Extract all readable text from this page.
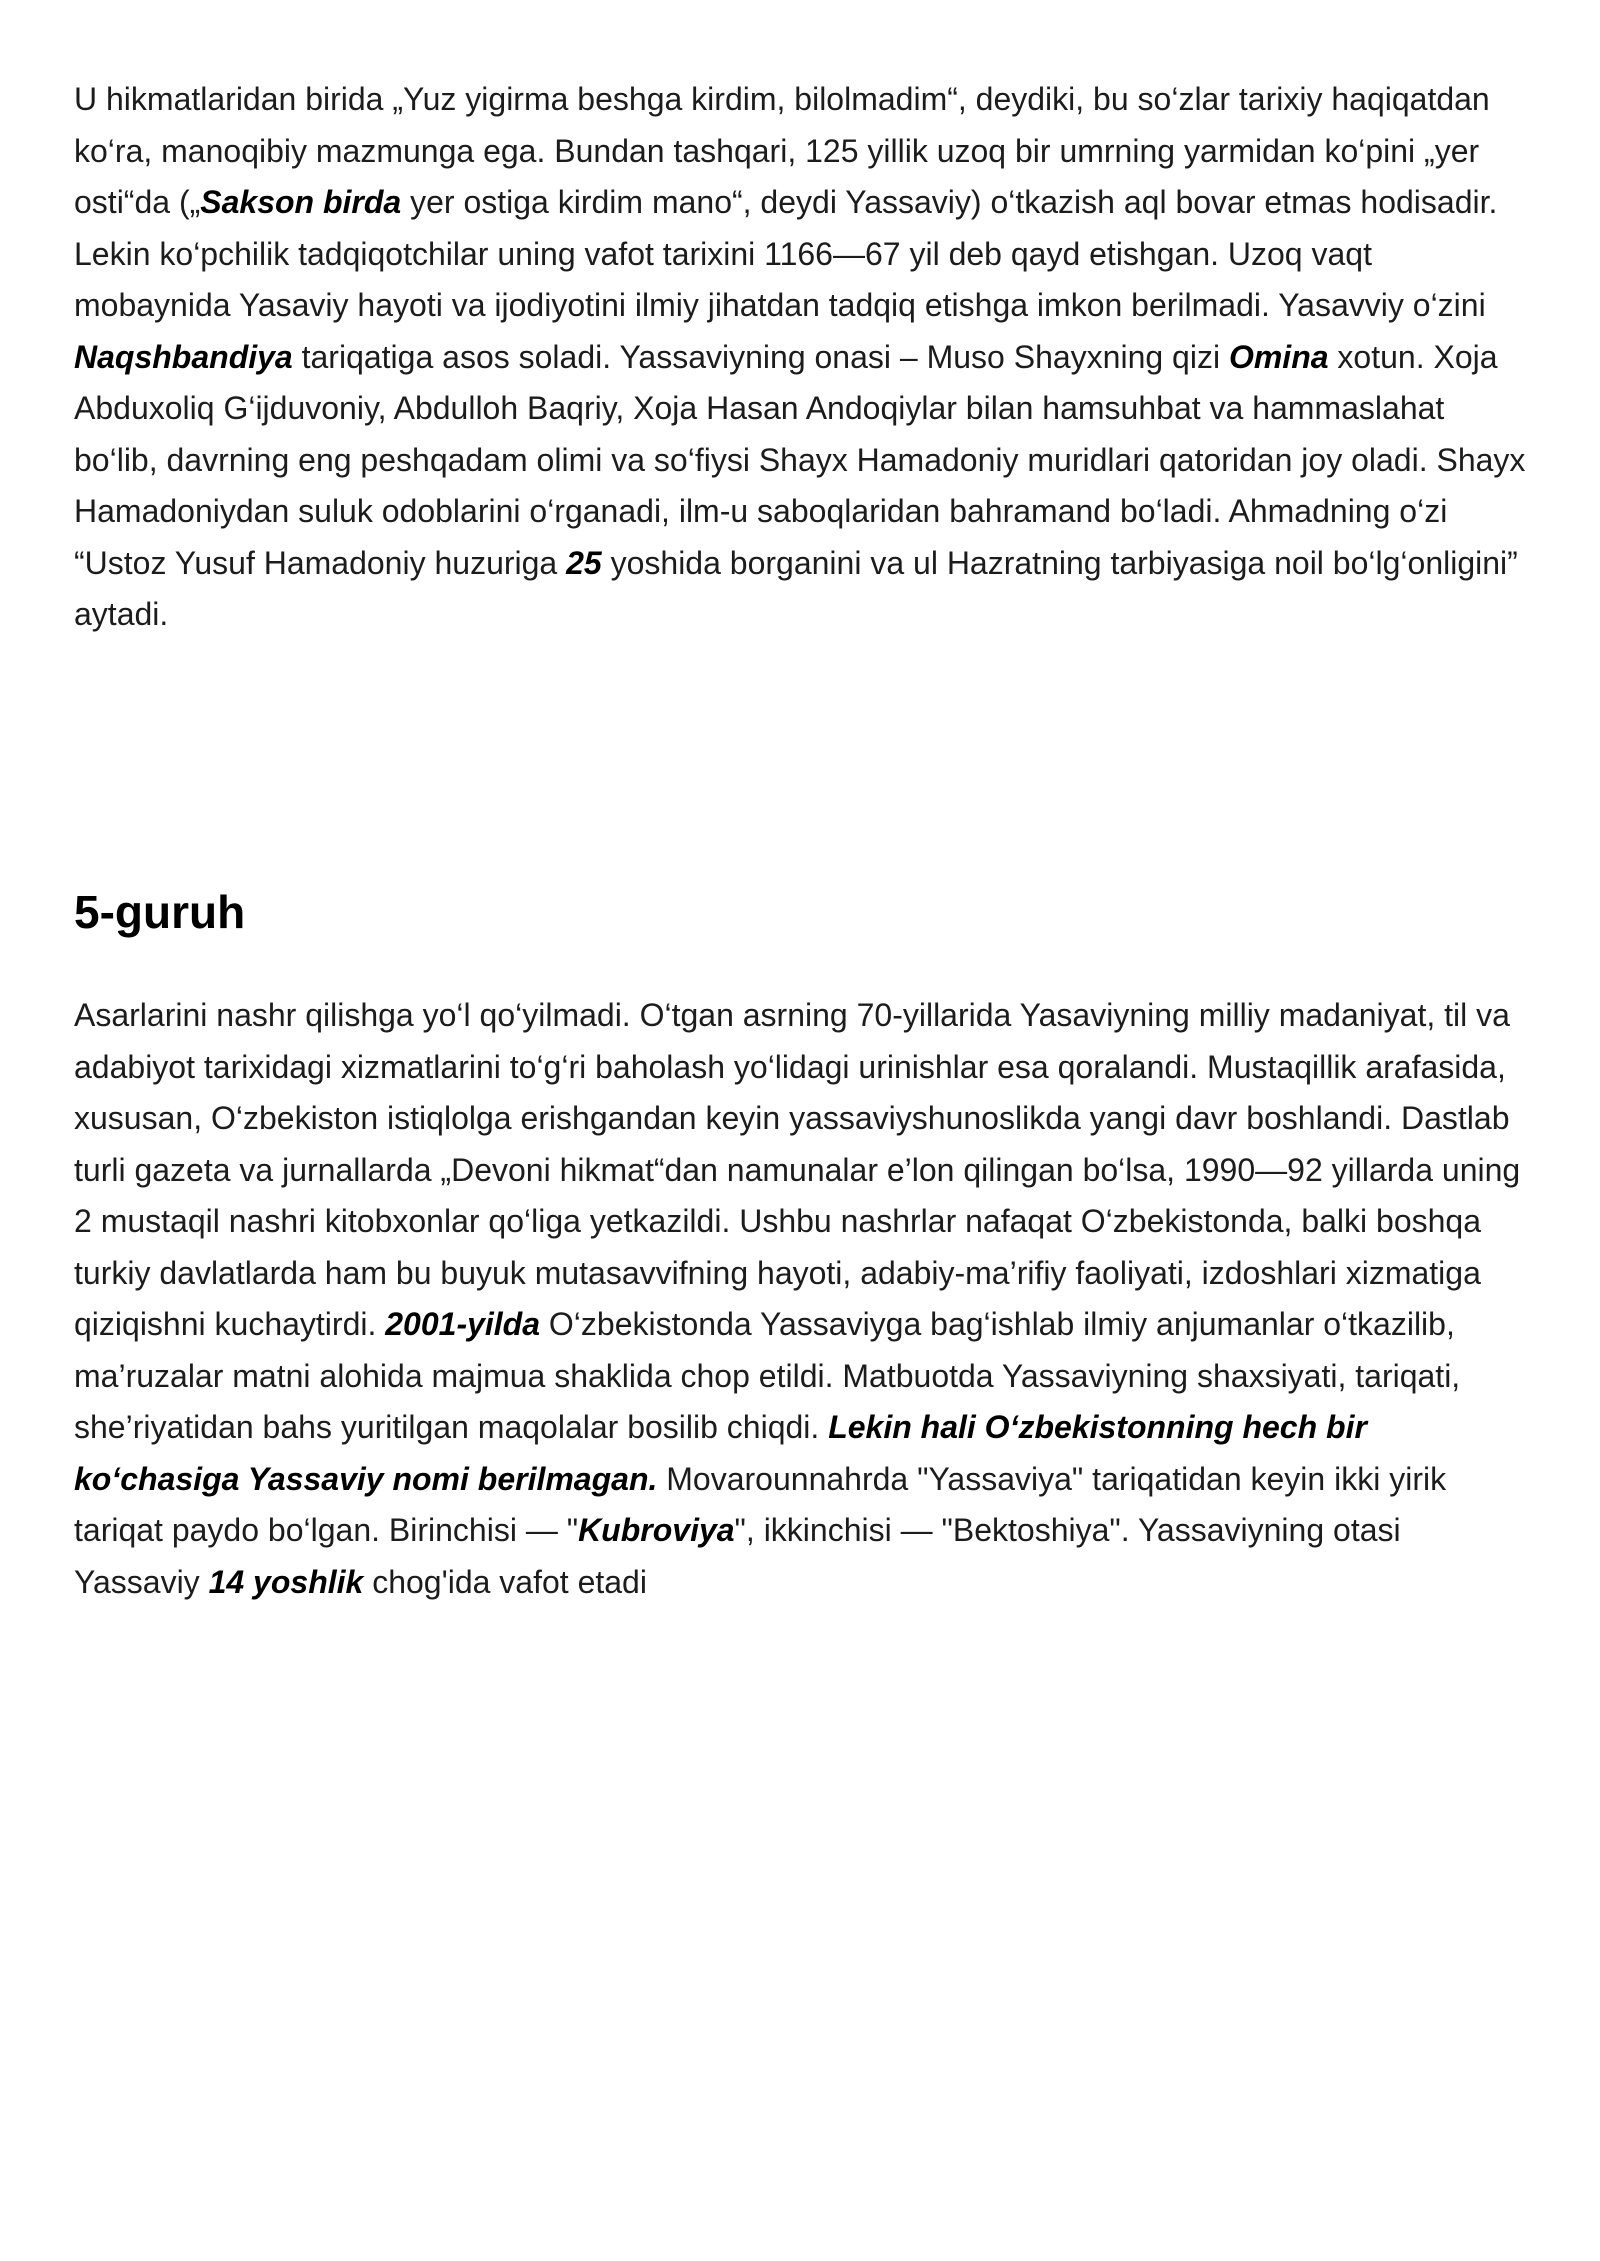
U hikmatlaridan birida „Yuz yigirma beshga kirdim, bilolmadim“, deydiki, bu so‘zlar tarixiy haqiqatdan ko‘ra, manoqibiy mazmunga ega. Bundan tashqari, 125 yillik uzoq bir umrning yarmidan ko‘pini „yer osti“da („Sakson birda yer ostiga kirdim mano“, deydi Yassaviy) o‘tkazish aql bovar etmas hodisadir. Lekin ko‘pchilik tadqiqotchilar uning vafot tarixini 1166—67 yil deb qayd etishgan. Uzoq vaqt mobaynida Yasaviy hayoti va ijodiyotini ilmiy jihatdan tadqiq etishga imkon berilmadi. Yasavviy o‘zini Naqshbandiya tariqatiga asos soladi. Yassaviyning onasi – Muso Shayxning qizi Omina xotun. Xoja Abduxoliq G‘ijduvoniy, Abdulloh Baqriy, Xoja Hasan Andoqiylar bilan hamsuhbat va hammaslahat bo‘lib, davrning eng peshqadam olimi va so‘fiysi Shayx Hamadoniy muridlari qatoridan joy oladi. Shayx Hamadoniydan suluk odoblarini o‘rganadi, ilm-u saboqlaridan bahramand bo‘ladi. Ahmadning o‘zi “Ustoz Yusuf Hamadoniy huzuriga 25 yoshida borganini va ul Hazratning tarbiyasiga noil bo‘lg‘onligini” aytadi.

5-guruh

Asarlarini nashr qilishga yo‘l qo‘yilmadi. O‘tgan asrning 70-yillarida Yasaviyning milliy madaniyat, til va adabiyot tarixidagi xizmatlarini to‘g‘ri baholash yo‘lidagi urinishlar esa qoralandi. Mustaqillik arafasida, xususan, O‘zbekiston istiqlolga erishgandan keyin yassaviyshunoslikda yangi davr boshlandi. Dastlab turli gazeta va jurnallarda „Devoni hikmat“dan namunalar e’lon qilingan bo‘lsa, 1990—92 yillarda uning 2 mustaqil nashri kitobxonlar qo‘liga yetkazildi. Ushbu nashrlar nafaqat O‘zbekistonda, balki boshqa turkiy davlatlarda ham bu buyuk mutasavvifning hayoti, adabiy-ma’rifiy faoliyati, izdoshlari xizmatiga qiziqishni kuchaytirdi. 2001-yilda O‘zbekistonda Yassaviyga bag‘ishlab ilmiy anjumanlar o‘tkazilib, ma’ruzalar matni alohida majmua shaklida chop etildi. Matbuotda Yassaviyning shaxsiyati, tariqati, she’riyatidan bahs yuritilgan maqolalar bosilib chiqdi. Lekin hali O‘zbekistonning hech bir ko‘chasiga Yassaviy nomi berilmagan. Movarounnahrda "Yassaviya" tariqatidan keyin ikki yirik tariqat paydo bo‘lgan. Birinchisi — "Kubroviya", ikkinchisi — "Bektoshiya". Yassaviyning otasi Yassaviy 14 yoshlik chog'ida vafot etadi
